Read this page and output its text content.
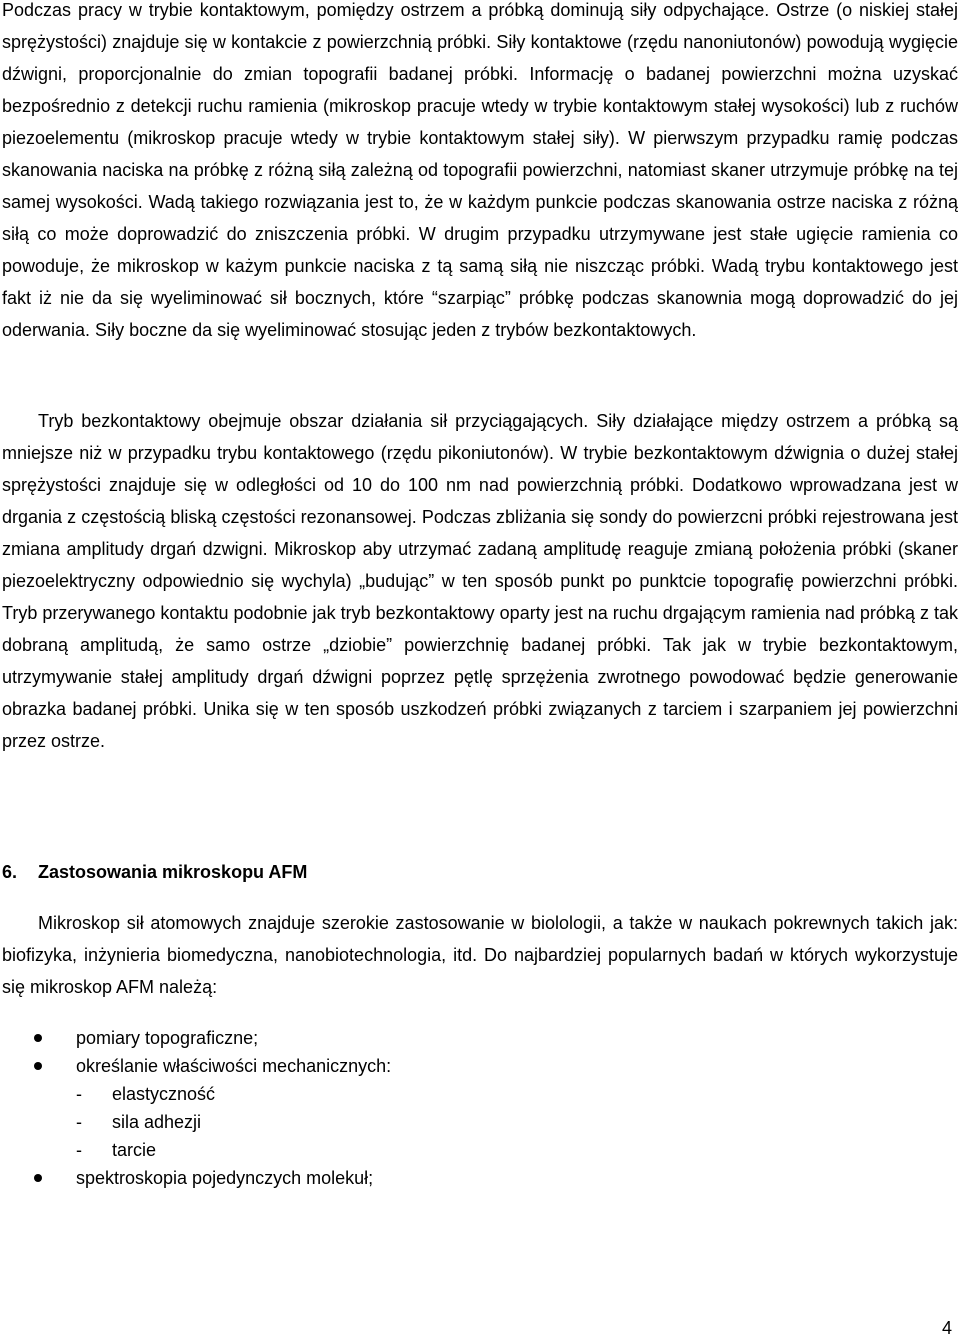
Podczas pracy w trybie kontaktowym, pomiędzy ostrzem a próbką dominują siły odpychające. Ostrze (o niskiej stałej sprężystości) znajduje się w kontakcie z powierzchnią próbki. Siły kontaktowe (rzędu nanoniutonów) powodują wygięcie dźwigni, proporcjonalnie do zmian topografii badanej próbki. Informację o badanej powierzchni można uzyskać bezpośrednio z detekcji ruchu ramienia (mikroskop pracuje wtedy w trybie kontaktowym stałej wysokości) lub z ruchów piezoelementu (mikroskop pracuje wtedy w trybie kontaktowym stałej siły). W pierwszym przypadku ramię podczas skanowania naciska na próbkę z różną siłą zależną od topografii powierzchni, natomiast skaner utrzymuje próbkę na tej samej wysokości. Wadą takiego rozwiązania jest to, że w każdym punkcie podczas skanowania ostrze naciska z różną siłą co może doprowadzić do zniszczenia próbki. W drugim przypadku utrzymywane jest stałe ugięcie ramienia co powoduje, że mikroskop w każym punkcie naciska z tą samą siłą nie niszcząc próbki. Wadą trybu kontaktowego jest fakt iż nie da się wyeliminować sił bocznych, które “szarpiąc” próbkę podczas skanownia mogą doprowadzić do jej oderwania. Siły boczne da się wyeliminować stosując jeden z trybów bezkontaktowych.

Tryb bezkontaktowy obejmuje obszar działania sił przyciągających. Siły działające między ostrzem a próbką są mniejsze niż w przypadku trybu kontaktowego (rzędu pikoniutonów). W trybie bezkontaktowym dźwignia o dużej stałej sprężystości znajduje się w odległości od 10 do 100 nm nad powierzchnią próbki. Dodatkowo wprowadzana jest w drgania z częstością bliską częstości rezonansowej. Podczas zbliżania się sondy do powierzcni próbki rejestrowana jest zmiana amplitudy drgań dzwigni. Mikroskop aby utrzymać zadaną amplitudę reaguje zmianą położenia próbki (skaner piezoelektryczny odpowiednio się wychyla) „budując” w ten sposób punkt po punktcie topografię powierzchni próbki. Tryb przerywanego kontaktu podobnie jak tryb bezkontaktowy oparty jest na ruchu drgającym ramienia nad próbką z tak dobraną amplitudą, że samo ostrze „dziobie” powierzchnię badanej próbki. Tak jak w trybie bezkontaktowym, utrzymywanie stałej amplitudy drgań dźwigni poprzez pętlę sprzężenia zwrotnego powodować będzie generowanie obrazka badanej próbki. Unika się w ten sposób uszkodzeń próbki związanych z tarciem i szarpaniem jej powierzchni przez ostrze.

6. Zastosowania mikroskopu AFM

Mikroskop sił atomowych znajduje szerokie zastosowanie w biolologii, a także w naukach pokrewnych takich jak: biofizyka, inżynieria biomedyczna, nanobiotechnologia, itd. Do najbardziej popularnych badań w których wykorzystuje się mikroskop AFM należą:

pomiary topograficzne;
określanie właściwości mechanicznych:
- elastyczność
- sila adhezji
- tarcie
spektroskopia pojedynczych molekuł;
4
